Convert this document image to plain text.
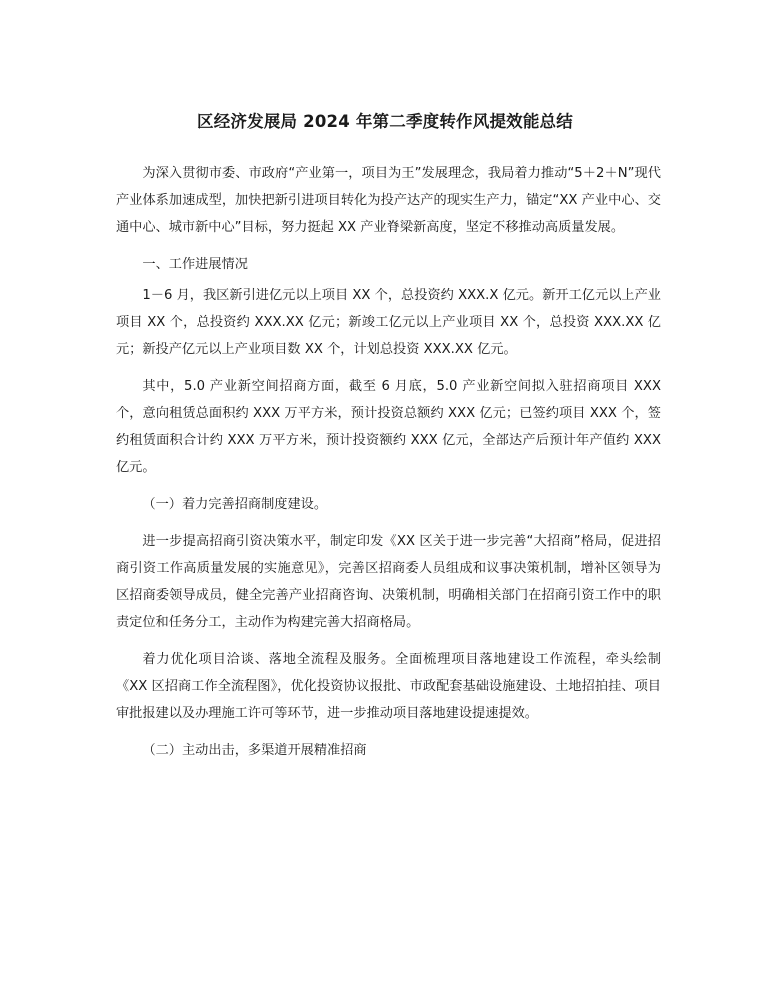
区经济发展局 2024 年第二季度转作风提效能总结

为深入贯彻市委、市政府“产业第一，项目为王”发展理念，我局着力推动“5＋2＋N”现代产业体系加速成型，加快把新引进项目转化为投产达产的现实生产力，锚定“XX 产业中心、交通中心、城市新中心”目标，努力挺起 XX 产业脊梁新高度，坚定不移推动高质量发展。

一、工作进展情况

1－6 月，我区新引进亿元以上项目 XX 个，总投资约 XXX.X 亿元。新开工亿元以上产业项目 XX 个，总投资约 XXX.XX 亿元；新竣工亿元以上产业项目 XX 个，总投资 XXX.XX 亿元；新投产亿元以上产业项目数 XX 个，计划总投资 XXX.XX 亿元。

其中，5.0 产业新空间招商方面，截至 6 月底，5.0 产业新空间拟入驻招商项目 XXX 个，意向租赁总面积约 XXX 万平方米，预计投资总额约 XXX 亿元；已签约项目 XXX 个，签约租赁面积合计约 XXX 万平方米，预计投资额约 XXX 亿元，全部达产后预计年产值约 XXX 亿元。

（一）着力完善招商制度建设。

进一步提高招商引资决策水平，制定印发《XX 区关于进一步完善“大招商”格局，促进招商引资工作高质量发展的实施意见》，完善区招商委人员组成和议事决策机制，增补区领导为区招商委领导成员，健全完善产业招商咨询、决策机制，明确相关部门在招商引资工作中的职责定位和任务分工，主动作为构建完善大招商格局。

着力优化项目洽谈、落地全流程及服务。全面梳理项目落地建设工作流程，牵头绘制《XX 区招商工作全流程图》，优化投资协议报批、市政配套基础设施建设、土地招拍挂、项目审批报建以及办理施工许可等环节，进一步推动项目落地建设提速提效。

（二）主动出击，多渠道开展精准招商
